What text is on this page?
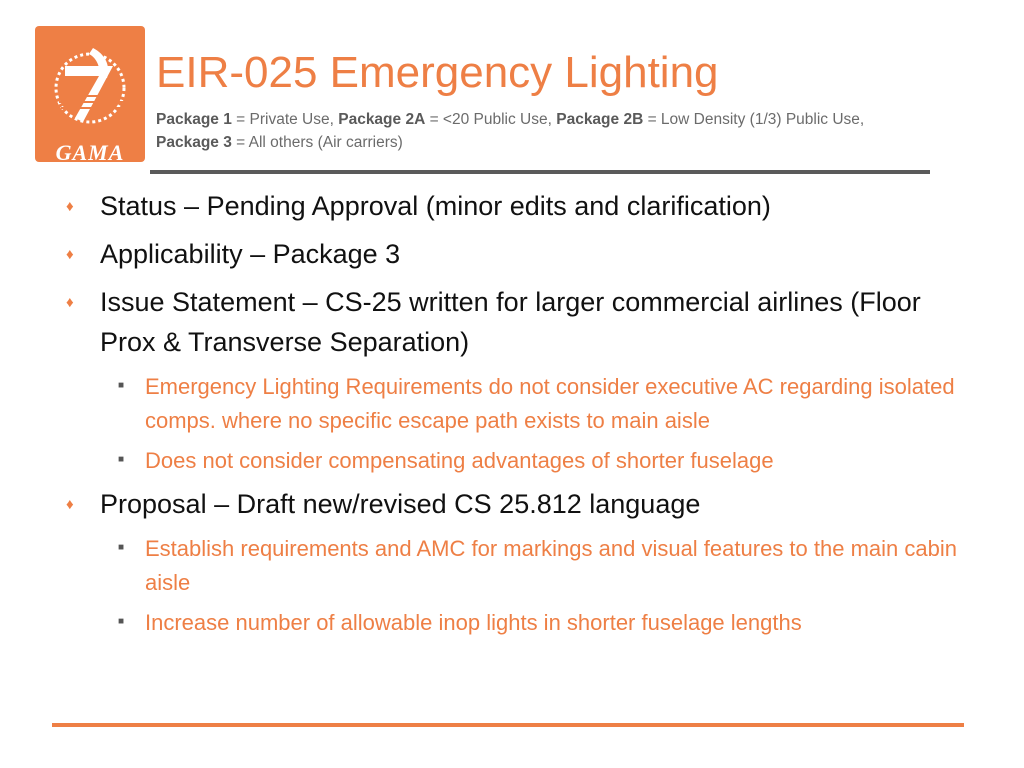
GAMA
EIR-025 Emergency Lighting
Package 1 = Private Use, Package 2A = <20 Public Use, Package 2B = Low Density (1/3) Public Use,
Package 3 = All others (Air carriers)
♦ Status – Pending Approval (minor edits and clarification)
♦ Applicability – Package 3
♦ Issue Statement – CS-25 written for larger commercial airlines (Floor Prox & Transverse Separation)
■ Emergency Lighting Requirements do not consider executive AC regarding isolated comps. where no specific escape path exists to main aisle
■ Does not consider compensating advantages of shorter fuselage
♦ Proposal – Draft new/revised CS 25.812 language
■ Establish requirements and AMC for markings and visual features to the main cabin aisle
■ Increase number of allowable inop lights in shorter fuselage lengths
